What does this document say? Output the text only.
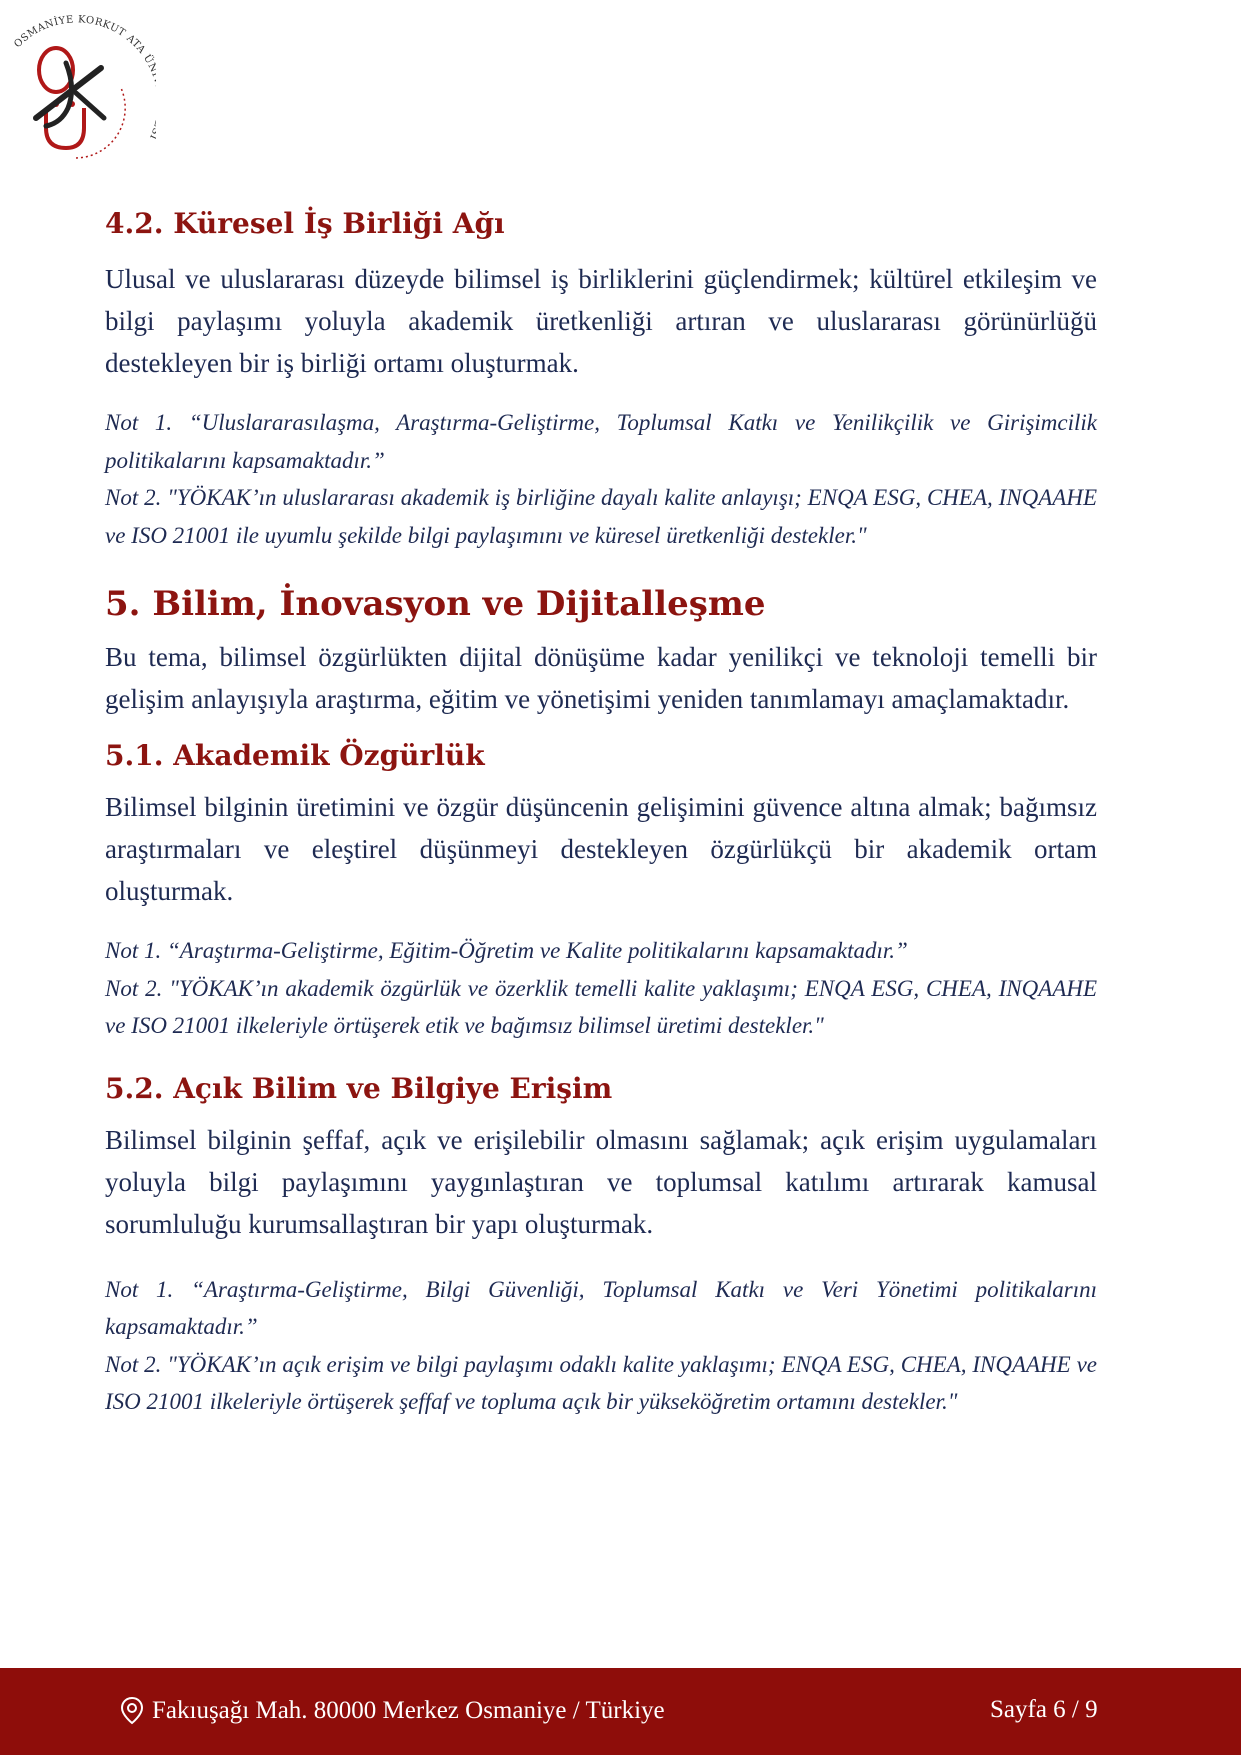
OSMANİYE KORKUT ATA Ü
4.2. Küresel İş Birliği Ağı

Ulusal ve uluslararası düzeyde bilimsel iş birliklerini güçlendirmek; kültürel etkileşim ve bilgi paylaşımı yoluyla akademik üretkenliği artıran ve uluslararası görünürlüğü destekleyen bir iş birliği ortamı oluşturmak.

Not 1. “Uluslararasılaşma, Araştırma-Geliştirme, Toplumsal Katkı ve Yenilikçilik ve Girişimcilik politikalarını kapsamaktadır.”

Not 2. "YÖKAK’ın uluslararası akademik iş birliğine dayalı kalite anlayışı; ENQA ESG, CHEA, INQAAHE ve ISO 21001 ile uyumlu şekilde bilgi paylaşımını ve küresel üretkenliği destekler."

5. Bilim, İnovasyon ve Dijitalleşme

Bu tema, bilimsel özgürlükten dijital dönüşüme kadar yenilikçi ve teknoloji temelli bir gelişim anlayışıyla araştırma, eğitim ve yönetişimi yeniden tanımlamayı amaçlamaktadır.

5.1. Akademik Özgürlük

Bilimsel bilginin üretimini ve özgür düşüncenin gelişimini güvence altına almak; bağımsız araştırmaları ve eleştirel düşünmeyi destekleyen özgürlükçü bir akademik ortam oluşturmak.

Not 1. “Araştırma-Geliştirme, Eğitim-Öğretim ve Kalite politikalarını kapsamaktadır.”

Not 2. "YÖKAK’ın akademik özgürlük ve özerklik temelli kalite yaklaşımı; ENQA ESG, CHEA, INQAAHE ve ISO 21001 ilkeleriyle örtüşerek etik ve bağımsız bilimsel üretimi destekler."

5.2. Açık Bilim ve Bilgiye Erişim

Bilimsel bilginin şeffaf, açık ve erişilebilir olmasını sağlamak; açık erişim uygulamaları yoluyla bilgi paylaşımını yaygınlaştıran ve toplumsal katılımı artırarak kamusal sorumluluğu kurumsallaştıran bir yapı oluşturmak.

Not 1. “Araştırma-Geliştirme, Bilgi Güvenliği, Toplumsal Katkı ve Veri Yönetimi politikalarını kapsamaktadır.”

Not 2. "YÖKAK’ın açık erişim ve bilgi paylaşımı odaklı kalite yaklaşımı; ENQA ESG, CHEA, INQAAHE ve ISO 21001 ilkeleriyle örtüşerek şeffaf ve topluma açık bir yükseköğretim ortamını destekler."

Fakıuşağı Mah. 80000 Merkez Osmaniye / Türkiye	Sayfa 6 / 9
